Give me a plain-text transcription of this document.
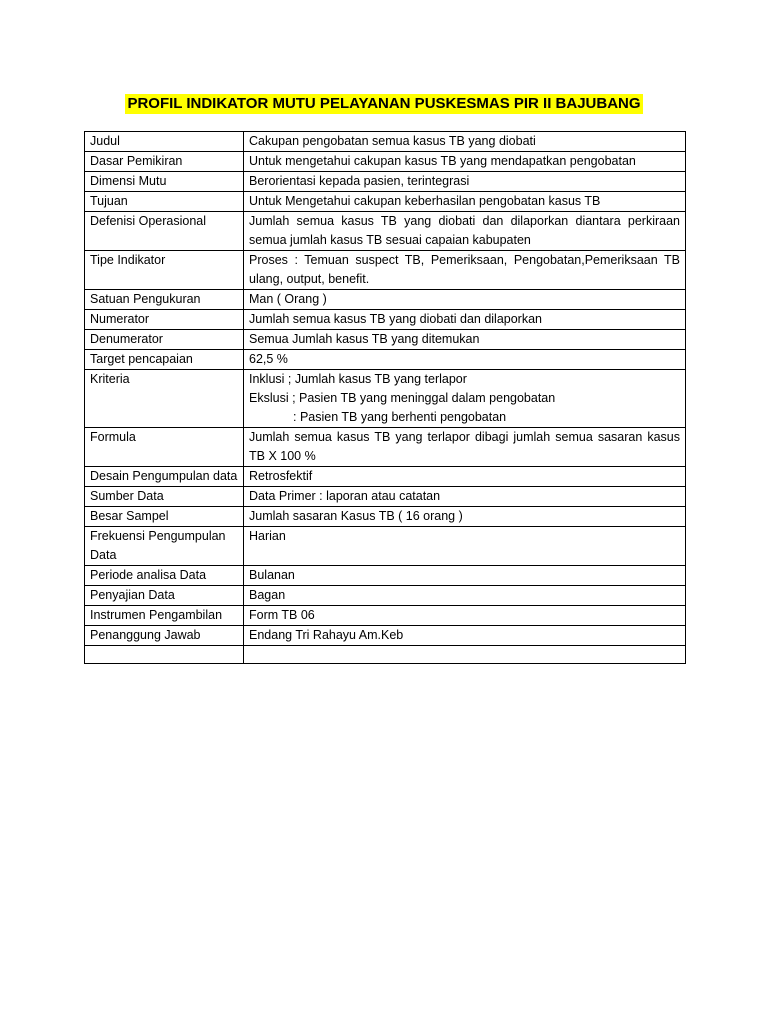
PROFIL INDIKATOR MUTU PELAYANAN PUSKESMAS PIR II BAJUBANG
Judul	Cakupan pengobatan semua kasus TB yang diobati
Dasar Pemikiran	Untuk mengetahui cakupan kasus TB yang mendapatkan pengobatan
Dimensi Mutu	Berorientasi kepada pasien, terintegrasi
Tujuan	Untuk Mengetahui cakupan keberhasilan pengobatan kasus TB
Defenisi Operasional	Jumlah semua kasus TB yang diobati dan dilaporkan diantara perkiraan semua jumlah kasus TB sesuai capaian kabupaten
Tipe Indikator	Proses : Temuan suspect TB, Pemeriksaan, Pengobatan,Pemeriksaan TB ulang, output, benefit.
Satuan Pengukuran	Man ( Orang )
Numerator	Jumlah semua kasus TB yang diobati dan dilaporkan
Denumerator	Semua Jumlah kasus TB yang ditemukan
Target pencapaian	62,5 %
Kriteria	Inklusi ; Jumlah kasus TB yang terlapor
Ekslusi ; Pasien TB yang meninggal dalam pengobatan
: Pasien TB yang berhenti pengobatan

Formula	Jumlah semua kasus TB yang terlapor dibagi jumlah semua sasaran kasus TB X 100 %
Desain Pengumpulan data	Retrosfektif
Sumber Data	Data Primer : laporan atau catatan
Besar Sampel	Jumlah sasaran Kasus TB ( 16 orang )
Frekuensi Pengumpulan Data	Harian
Periode analisa Data	Bulanan
Penyajian Data	Bagan
Instrumen Pengambilan	Form TB 06
Penanggung Jawab	Endang Tri Rahayu Am.Keb
